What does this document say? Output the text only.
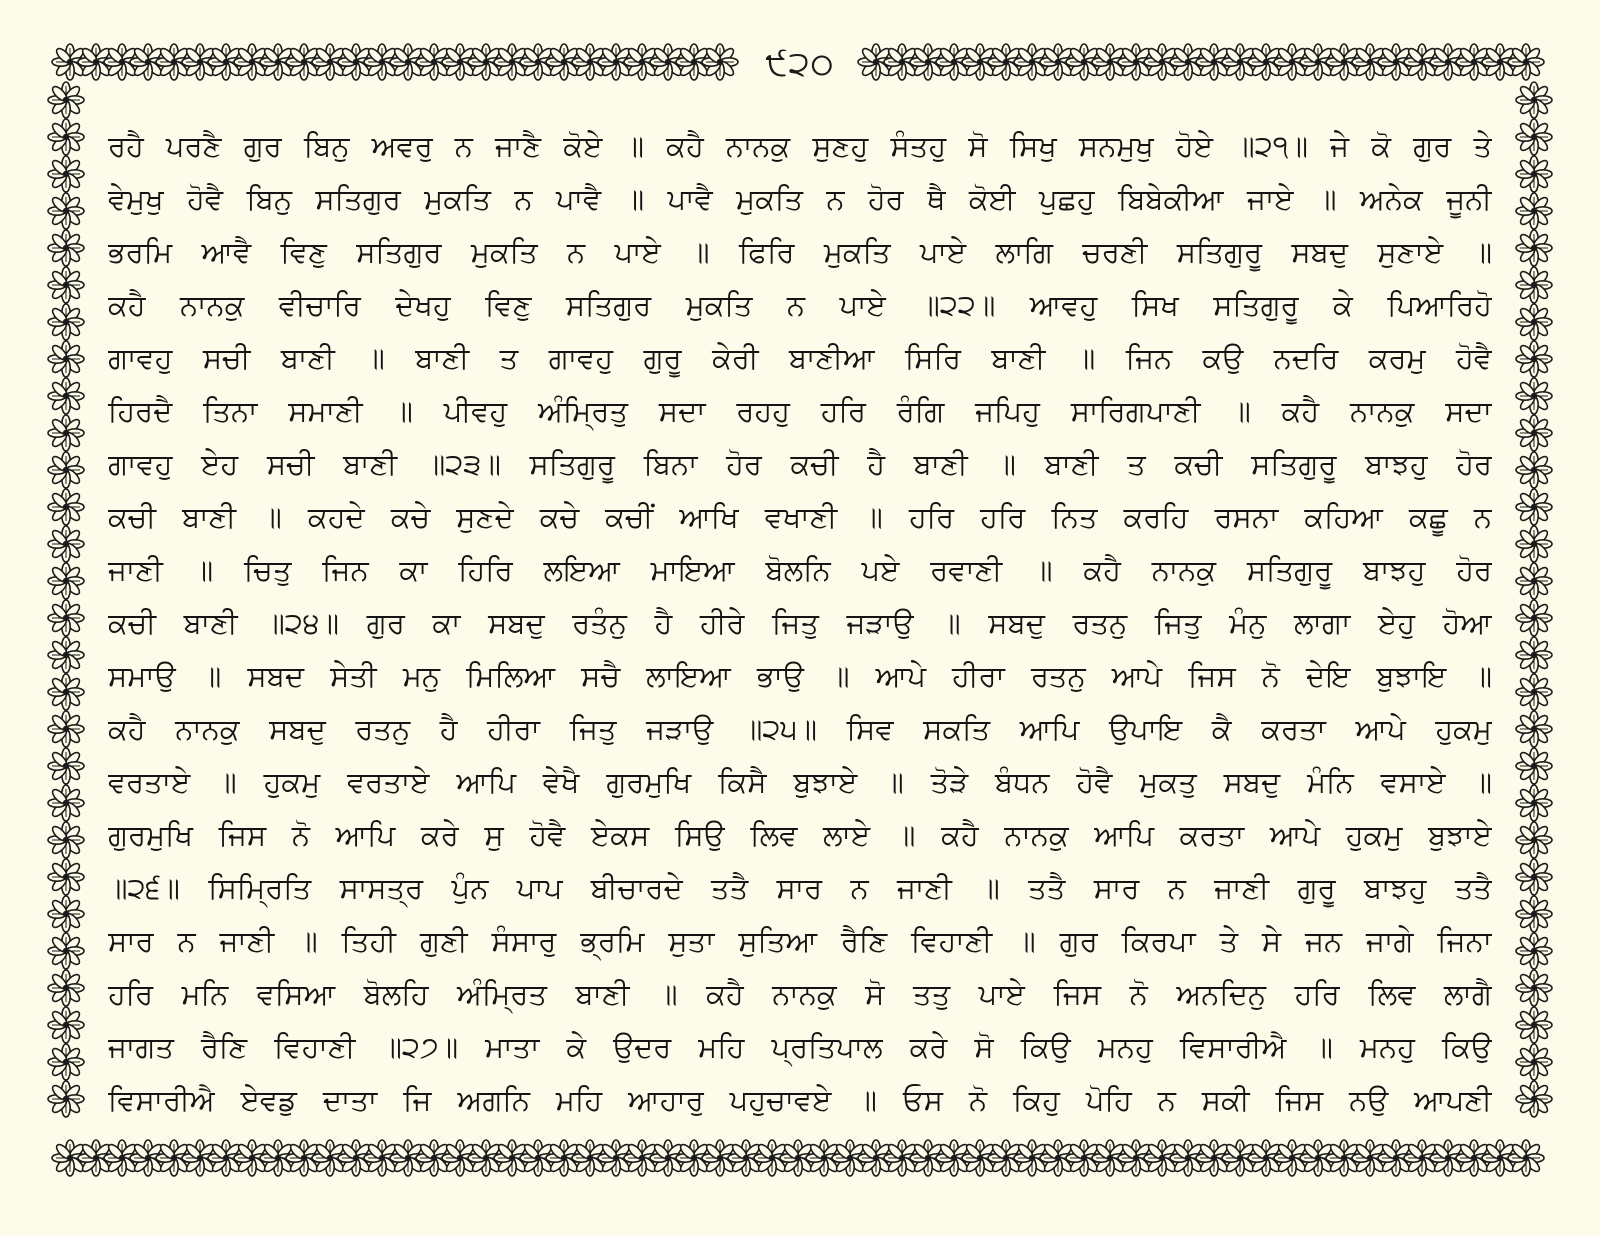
੯੨੦
ਰਹੈ ਪਰਣੈ ਗੁਰ ਬਿਨੁ ਅਵਰੁ ਨ ਜਾਣੈ ਕੋਏ ॥ ਕਹੈ ਨਾਨਕੁ ਸੁਣਹੁ ਸੰਤਹੁ ਸੋ ਸਿਖੁ ਸਨਮੁਖੁ ਹੋਏ ॥੨੧॥ ਜੇ ਕੋ ਗੁਰ ਤੇ
ਵੇਮੁਖੁ ਹੋਵੈ ਬਿਨੁ ਸਤਿਗੁਰ ਮੁਕਤਿ ਨ ਪਾਵੈ ॥ ਪਾਵੈ ਮੁਕਤਿ ਨ ਹੋਰ ਥੈ ਕੋਈ ਪੁਛਹੁ ਬਿਬੇਕੀਆ ਜਾਏ ॥ ਅਨੇਕ ਜੂਨੀ
ਭਰਮਿ ਆਵੈ ਵਿਣੁ ਸਤਿਗੁਰ ਮੁਕਤਿ ਨ ਪਾਏ ॥ ਫਿਰਿ ਮੁਕਤਿ ਪਾਏ ਲਾਗਿ ਚਰਣੀ ਸਤਿਗੁਰੂ ਸਬਦੁ ਸੁਣਾਏ ॥
ਕਹੈ ਨਾਨਕੁ ਵੀਚਾਰਿ ਦੇਖਹੁ ਵਿਣੁ ਸਤਿਗੁਰ ਮੁਕਤਿ ਨ ਪਾਏ ॥੨੨॥ ਆਵਹੁ ਸਿਖ ਸਤਿਗੁਰੂ ਕੇ ਪਿਆਰਿਹੋ
ਗਾਵਹੁ ਸਚੀ ਬਾਣੀ ॥ ਬਾਣੀ ਤ ਗਾਵਹੁ ਗੁਰੂ ਕੇਰੀ ਬਾਣੀਆ ਸਿਰਿ ਬਾਣੀ ॥ ਜਿਨ ਕਉ ਨਦਰਿ ਕਰਮੁ ਹੋਵੈ
ਹਿਰਦੈ ਤਿਨਾ ਸਮਾਣੀ ॥ ਪੀਵਹੁ ਅੰਮ੍ਰਿਤੁ ਸਦਾ ਰਹਹੁ ਹਰਿ ਰੰਗਿ ਜਪਿਹੁ ਸਾਰਿਗਪਾਣੀ ॥ ਕਹੈ ਨਾਨਕੁ ਸਦਾ
ਗਾਵਹੁ ਏਹ ਸਚੀ ਬਾਣੀ ॥੨੩॥ ਸਤਿਗੁਰੂ ਬਿਨਾ ਹੋਰ ਕਚੀ ਹੈ ਬਾਣੀ ॥ ਬਾਣੀ ਤ ਕਚੀ ਸਤਿਗੁਰੂ ਬਾਝਹੁ ਹੋਰ
ਕਚੀ ਬਾਣੀ ॥ ਕਹਦੇ ਕਚੇ ਸੁਣਦੇ ਕਚੇ ਕਚੀਂ ਆਖਿ ਵਖਾਣੀ ॥ ਹਰਿ ਹਰਿ ਨਿਤ ਕਰਹਿ ਰਸਨਾ ਕਹਿਆ ਕਛੂ ਨ
ਜਾਣੀ ॥ ਚਿਤੁ ਜਿਨ ਕਾ ਹਿਰਿ ਲਇਆ ਮਾਇਆ ਬੋਲਨਿ ਪਏ ਰਵਾਣੀ ॥ ਕਹੈ ਨਾਨਕੁ ਸਤਿਗੁਰੂ ਬਾਝਹੁ ਹੋਰ
ਕਚੀ ਬਾਣੀ ॥੨੪॥ ਗੁਰ ਕਾ ਸਬਦੁ ਰਤੰਨੁ ਹੈ ਹੀਰੇ ਜਿਤੁ ਜੜਾਉ ॥ ਸਬਦੁ ਰਤਨੁ ਜਿਤੁ ਮੰਨੁ ਲਾਗਾ ਏਹੁ ਹੋਆ
ਸਮਾਉ ॥ ਸਬਦ ਸੇਤੀ ਮਨੁ ਮਿਲਿਆ ਸਚੈ ਲਾਇਆ ਭਾਉ ॥ ਆਪੇ ਹੀਰਾ ਰਤਨੁ ਆਪੇ ਜਿਸ ਨੋ ਦੇਇ ਬੁਝਾਇ ॥
ਕਹੈ ਨਾਨਕੁ ਸਬਦੁ ਰਤਨੁ ਹੈ ਹੀਰਾ ਜਿਤੁ ਜੜਾਉ ॥੨੫॥ ਸਿਵ ਸਕਤਿ ਆਪਿ ਉਪਾਇ ਕੈ ਕਰਤਾ ਆਪੇ ਹੁਕਮੁ
ਵਰਤਾਏ ॥ ਹੁਕਮੁ ਵਰਤਾਏ ਆਪਿ ਵੇਖੈ ਗੁਰਮੁਖਿ ਕਿਸੈ ਬੁਝਾਏ ॥ ਤੋੜੇ ਬੰਧਨ ਹੋਵੈ ਮੁਕਤੁ ਸਬਦੁ ਮੰਨਿ ਵਸਾਏ ॥
ਗੁਰਮੁਖਿ ਜਿਸ ਨੋ ਆਪਿ ਕਰੇ ਸੁ ਹੋਵੈ ਏਕਸ ਸਿਉ ਲਿਵ ਲਾਏ ॥ ਕਹੈ ਨਾਨਕੁ ਆਪਿ ਕਰਤਾ ਆਪੇ ਹੁਕਮੁ ਬੁਝਾਏ
॥੨੬॥ ਸਿਮ੍ਰਿਤਿ ਸਾਸਤ੍ਰ ਪੁੰਨ ਪਾਪ ਬੀਚਾਰਦੇ ਤਤੈ ਸਾਰ ਨ ਜਾਣੀ ॥ ਤਤੈ ਸਾਰ ਨ ਜਾਣੀ ਗੁਰੂ ਬਾਝਹੁ ਤਤੈ
ਸਾਰ ਨ ਜਾਣੀ ॥ ਤਿਹੀ ਗੁਣੀ ਸੰਸਾਰੁ ਭ੍ਰਮਿ ਸੁਤਾ ਸੁਤਿਆ ਰੈਣਿ ਵਿਹਾਣੀ ॥ ਗੁਰ ਕਿਰਪਾ ਤੇ ਸੇ ਜਨ ਜਾਗੇ ਜਿਨਾ
ਹਰਿ ਮਨਿ ਵਸਿਆ ਬੋਲਹਿ ਅੰਮ੍ਰਿਤ ਬਾਣੀ ॥ ਕਹੈ ਨਾਨਕੁ ਸੋ ਤਤੁ ਪਾਏ ਜਿਸ ਨੋ ਅਨਦਿਨੁ ਹਰਿ ਲਿਵ ਲਾਗੈ
ਜਾਗਤ ਰੈਣਿ ਵਿਹਾਣੀ ॥੨੭॥ ਮਾਤਾ ਕੇ ਉਦਰ ਮਹਿ ਪ੍ਰਤਿਪਾਲ ਕਰੇ ਸੋ ਕਿਉ ਮਨਹੁ ਵਿਸਾਰੀਐ ॥ ਮਨਹੁ ਕਿਉ
ਵਿਸਾਰੀਐ ਏਵਡੁ ਦਾਤਾ ਜਿ ਅਗਨਿ ਮਹਿ ਆਹਾਰੁ ਪਹੁਚਾਵਏ ॥ ਓਸ ਨੋ ਕਿਹੁ ਪੋਹਿ ਨ ਸਕੀ ਜਿਸ ਨਉ ਆਪਣੀ
